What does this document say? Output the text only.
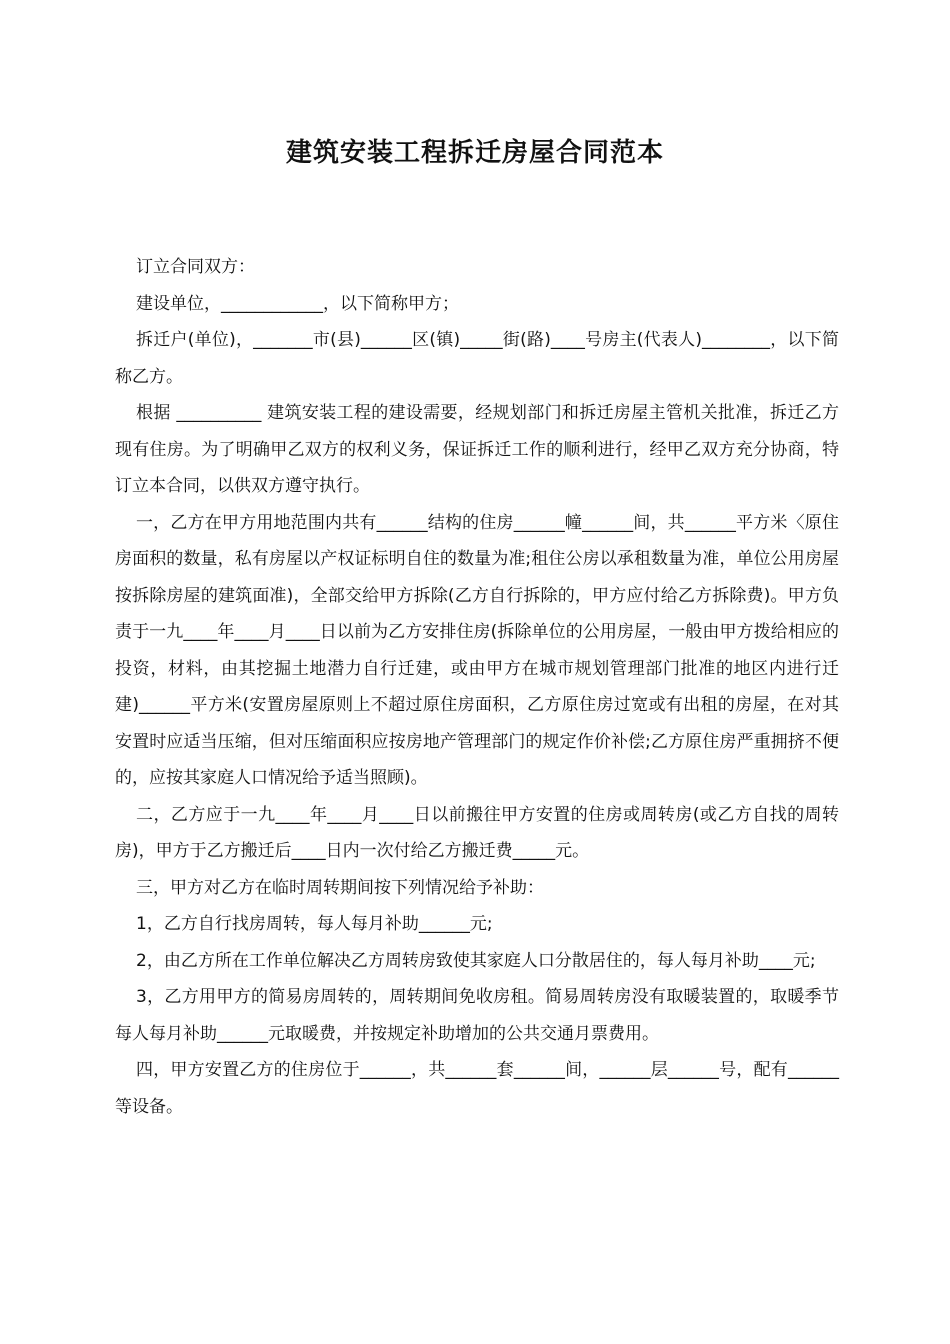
建筑安装工程拆迁房屋合同范本

订立合同双方：

建设单位，____________，以下简称甲方；

拆迁户(单位)，_______市(县)______区(镇)_____街(路)____号房主(代表人)________，以下简称乙方。

根据 __________ 建筑安装工程的建设需要，经规划部门和拆迁房屋主管机关批准，拆迁乙方现有住房。为了明确甲乙双方的权利义务，保证拆迁工作的顺利进行，经甲乙双方充分协商，特订立本合同，以供双方遵守执行。

一，乙方在甲方用地范围内共有______结构的住房______幢______间，共______平方米〈原住房面积的数量，私有房屋以产权证标明自住的数量为准;租住公房以承租数量为准，单位公用房屋按拆除房屋的建筑面准)，全部交给甲方拆除(乙方自行拆除的，甲方应付给乙方拆除费)。甲方负责于一九____年____月____日以前为乙方安排住房(拆除单位的公用房屋，一般由甲方拨给相应的投资，材料，由其挖掘土地潜力自行迁建，或由甲方在城市规划管理部门批准的地区内进行迁建)______平方米(安置房屋原则上不超过原住房面积，乙方原住房过宽或有出租的房屋，在对其安置时应适当压缩，但对压缩面积应按房地产管理部门的规定作价补偿;乙方原住房严重拥挤不便的，应按其家庭人口情况给予适当照顾)。

二，乙方应于一九____年____月____日以前搬往甲方安置的住房或周转房(或乙方自找的周转房)，甲方于乙方搬迁后____日内一次付给乙方搬迁费_____元。

三，甲方对乙方在临时周转期间按下列情况给予补助：

1，乙方自行找房周转，每人每月补助______元;

2，由乙方所在工作单位解决乙方周转房致使其家庭人口分散居住的，每人每月补助____元;

3，乙方用甲方的简易房周转的，周转期间免收房租。简易周转房没有取暖装置的，取暖季节每人每月补助______元取暖费，并按规定补助增加的公共交通月票费用。

四，甲方安置乙方的住房位于______，共______套______间，______层______号，配有______等设备。
